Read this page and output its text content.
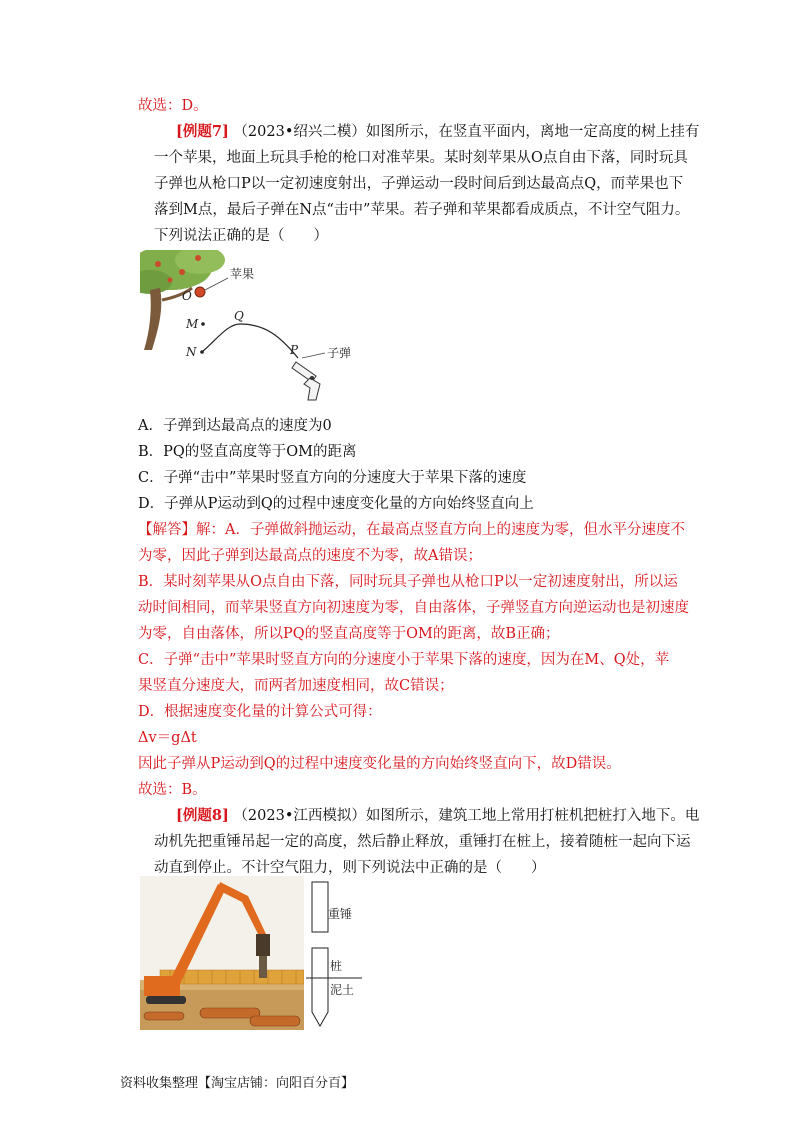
故选：D。
[例题7] （2023•绍兴二模）如图所示，在竖直平面内，离地一定高度的树上挂有
一个苹果，地面上玩具手枪的枪口对准苹果。某时刻苹果从O点自由下落，同时玩具
子弹也从枪口P以一定初速度射出，子弹运动一段时间后到达最高点Q，而苹果也下
落到M点，最后子弹在N点“击中”苹果。若子弹和苹果都看成质点，不计空气阻力。
下列说法正确的是（　　）
苹果
O
M
N
Q
P 子弹
A．子弹到达最高点的速度为0
B．PQ的竖直高度等于OM的距离
C．子弹“击中”苹果时竖直方向的分速度大于苹果下落的速度
D．子弹从P运动到Q的过程中速度变化量的方向始终竖直向上
【解答】解：A．子弹做斜抛运动，在最高点竖直方向上的速度为零，但水平分速度不
为零，因此子弹到达最高点的速度不为零，故A错误；
B．某时刻苹果从O点自由下落，同时玩具子弹也从枪口P以一定初速度射出，所以运
动时间相同，而苹果竖直方向初速度为零，自由落体，子弹竖直方向逆运动也是初速度
为零，自由落体，所以PQ的竖直高度等于OM的距离，故B正确；
C．子弹“击中”苹果时竖直方向的分速度小于苹果下落的速度，因为在M、Q处，苹
果竖直分速度大，而两者加速度相同，故C错误；
D．根据速度变化量的计算公式可得：
Δv＝gΔt
因此子弹从P运动到Q的过程中速度变化量的方向始终竖直向下，故D错误。
故选：B。
[例题8] （2023•江西模拟）如图所示，建筑工地上常用打桩机把桩打入地下。电
动机先把重锤吊起一定的高度，然后静止释放，重锤打在桩上，接着随桩一起向下运
动直到停止。不计空气阻力，则下列说法中正确的是（　　）
重锤
桩
泥土
资料收集整理【淘宝店铺：向阳百分百】
